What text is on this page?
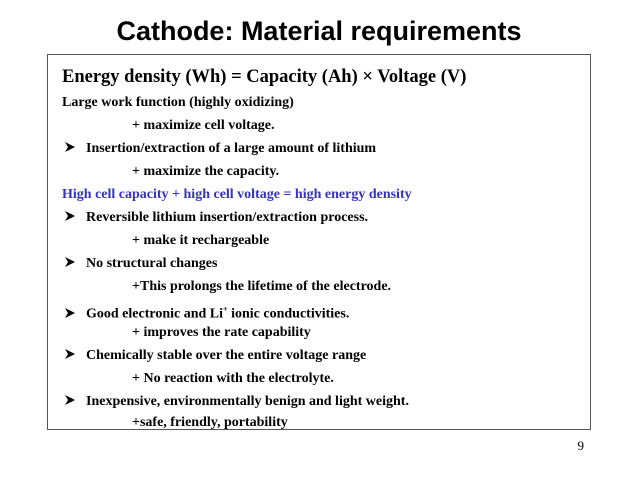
Cathode: Material requirements
Energy density (Wh) = Capacity (Ah) × Voltage (V)
Large work function (highly oxidizing)
+ maximize cell voltage.
Insertion/extraction of a large amount of lithium
+ maximize the capacity.
High cell capacity + high cell voltage = high energy density
Reversible lithium insertion/extraction process.
+ make it rechargeable
No structural changes
+This prolongs the lifetime of the electrode.
Good electronic and Li+ ionic conductivities.
+ improves the rate capability
Chemically stable over the entire voltage range
+ No reaction with the electrolyte.
Inexpensive, environmentally benign and light weight.
+safe, friendly, portability
9
